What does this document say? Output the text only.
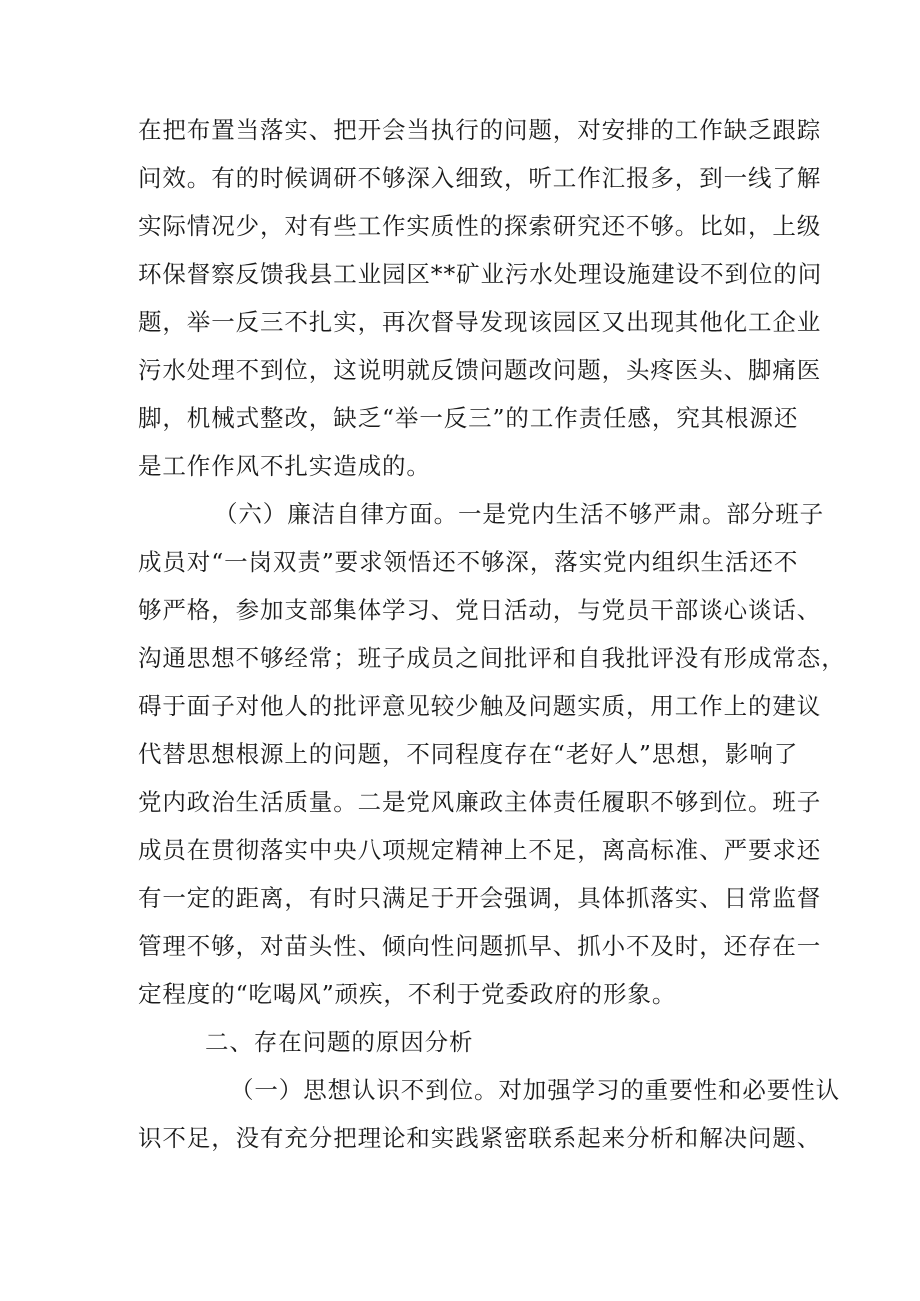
在把布置当落实、把开会当执行的问题，对安排的工作缺乏跟踪
问效。有的时候调研不够深入细致，听工作汇报多，到一线了解
实际情况少，对有些工作实质性的探索研究还不够。比如，上级
环保督察反馈我县工业园区**矿业污水处理设施建设不到位的问
题，举一反三不扎实，再次督导发现该园区又出现其他化工企业
污水处理不到位，这说明就反馈问题改问题，头疼医头、脚痛医
脚，机械式整改，缺乏“举一反三”的工作责任感，究其根源还
是工作作风不扎实造成的。
（六）廉洁自律方面。一是党内生活不够严肃。部分班子
成员对“一岗双责”要求领悟还不够深，落实党内组织生活还不
够严格，参加支部集体学习、党日活动，与党员干部谈心谈话、
沟通思想不够经常；班子成员之间批评和自我批评没有形成常态，
碍于面子对他人的批评意见较少触及问题实质，用工作上的建议
代替思想根源上的问题，不同程度存在“老好人”思想，影响了
党内政治生活质量。二是党风廉政主体责任履职不够到位。班子
成员在贯彻落实中央八项规定精神上不足，离高标准、严要求还
有一定的距离，有时只满足于开会强调，具体抓落实、日常监督
管理不够，对苗头性、倾向性问题抓早、抓小不及时，还存在一
定程度的“吃喝风”顽疾，不利于党委政府的形象。
二、存在问题的原因分析
（一）思想认识不到位。对加强学习的重要性和必要性认
识不足，没有充分把理论和实践紧密联系起来分析和解决问题、
